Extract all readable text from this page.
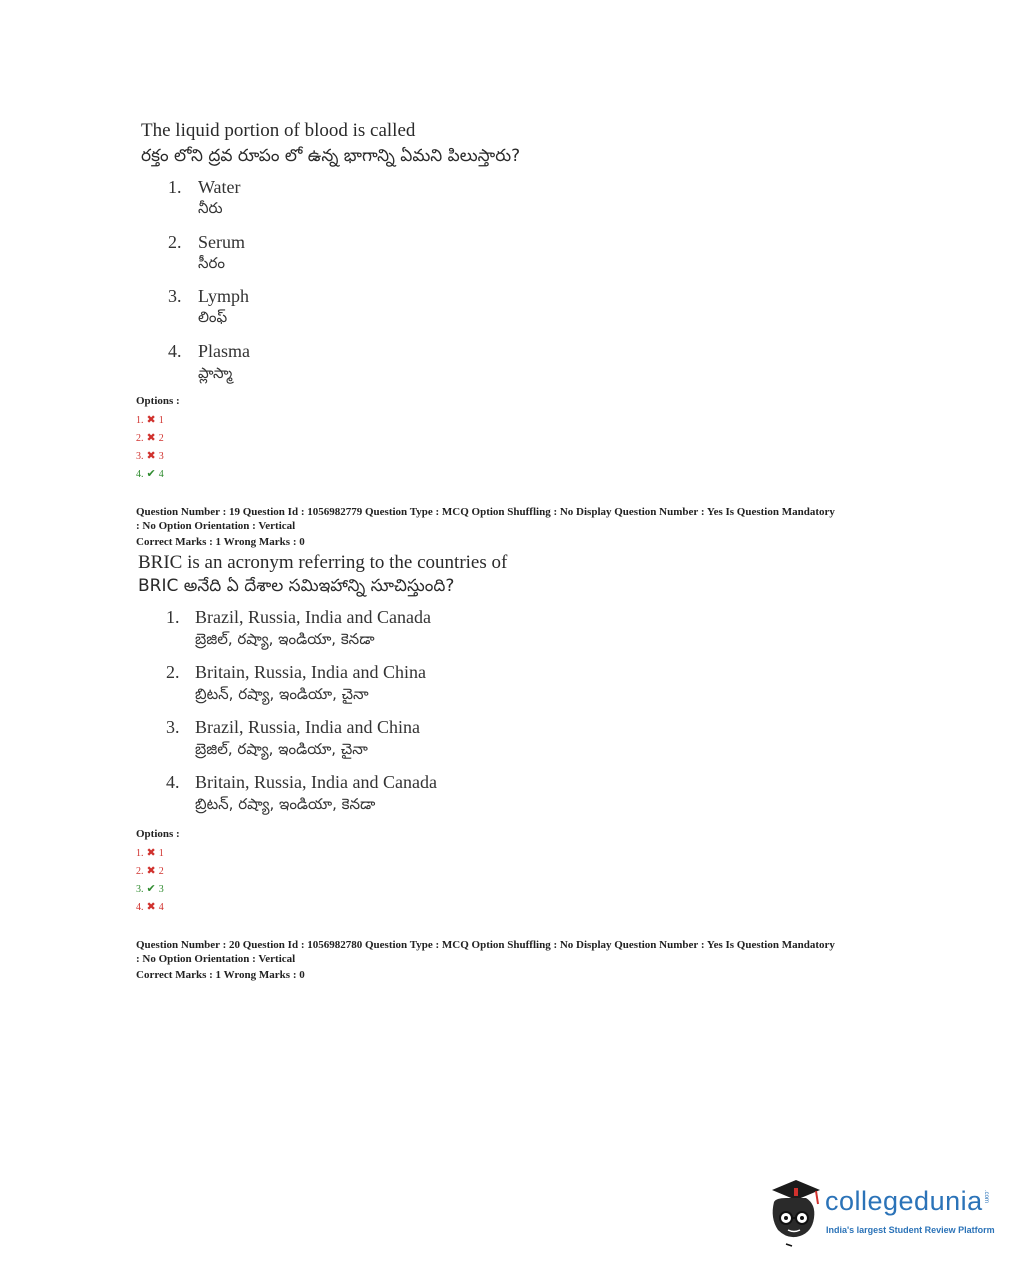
The liquid portion of blood is called
రక్తం లోని ద్రవ రూపం లో ఉన్న భాగాన్ని ఏమని పిలుస్తారు?
1. Water
నీరు
2. Serum
సీరం
3. Lymph
లింఫ్
4. Plasma
ప్లాస్మా
Options :
1. ✖ 1
2. ✖ 2
3. ✖ 3
4. ✔ 4
Question Number : 19 Question Id : 1056982779 Question Type : MCQ Option Shuffling : No Display Question Number : Yes Is Question Mandatory
: No Option Orientation : Vertical
Correct Marks : 1 Wrong Marks : 0
BRIC is an acronym referring to the countries of
BRIC అనేది ఏ దేశాల సమిఇహాన్ని సూచిస్తుంది?
1. Brazil, Russia, India and Canada
బ్రెజిల్, రష్యా, ఇండియా, కెనడా
2. Britain, Russia, India and China
బ్రిటన్, రష్యా, ఇండియా, చైనా
3. Brazil, Russia, India and China
బ్రెజిల్, రష్యా, ఇండియా, చైనా
4. Britain, Russia, India and Canada
బ్రిటన్, రష్యా, ఇండియా, కెనడా
Options :
1. ✖ 1
2. ✖ 2
3. ✔ 3
4. ✖ 4
Question Number : 20 Question Id : 1056982780 Question Type : MCQ Option Shuffling : No Display Question Number : Yes Is Question Mandatory
: No Option Orientation : Vertical
Correct Marks : 1 Wrong Marks : 0
collegedunia .com
India's largest Student Review Platform
